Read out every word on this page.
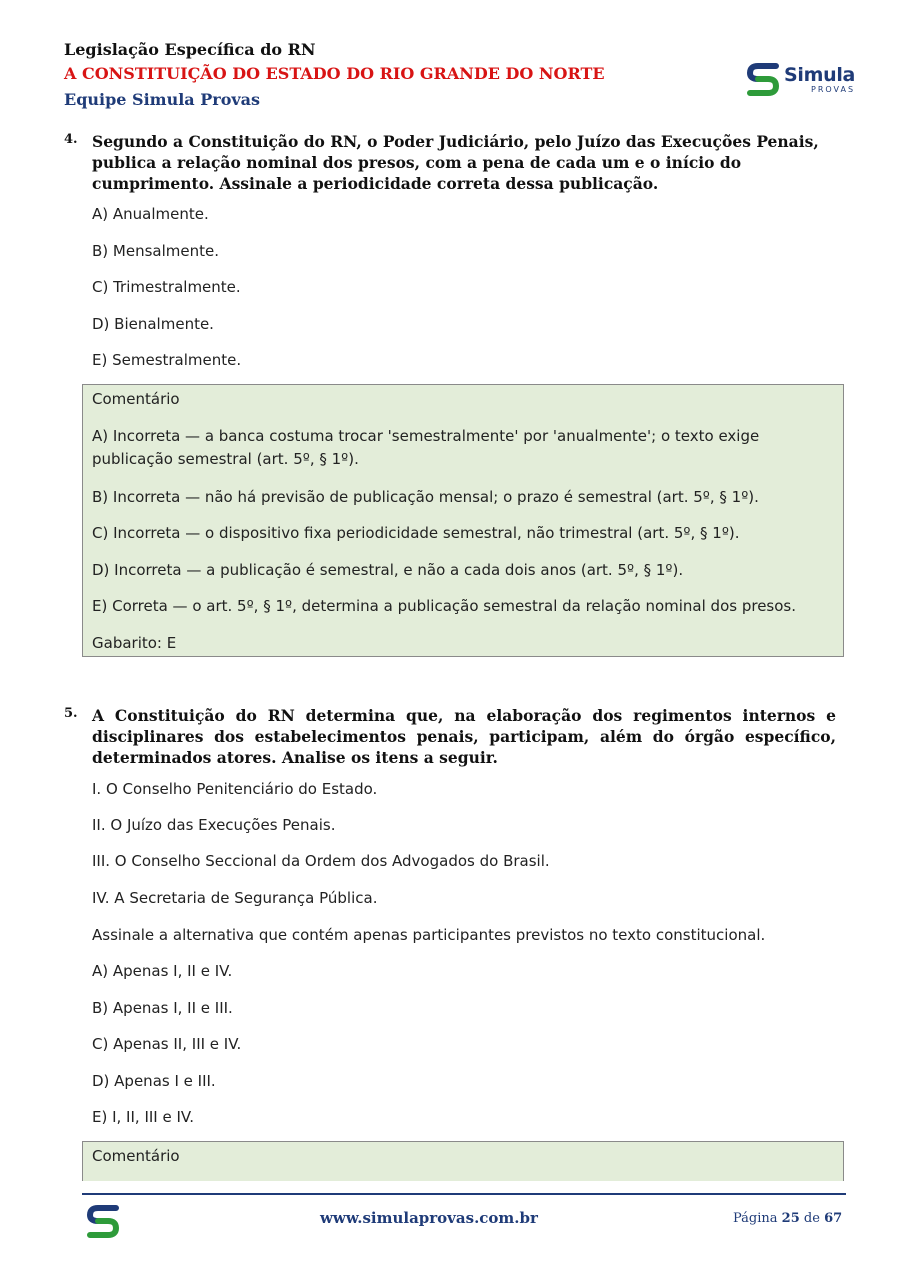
Legislação Específica do RN
A CONSTITUIÇÃO DO ESTADO DO RIO GRANDE DO NORTE
Equipe Simula Provas
Simula
PROVAS
4. Segundo a Constituição do RN, o Poder Judiciário, pelo Juízo das Execuções Penais, publica a relação nominal dos presos, com a pena de cada um e o início do cumprimento. Assinale a periodicidade correta dessa publicação.
A) Anualmente.
B) Mensalmente.
C) Trimestralmente.
D) Bienalmente.
E) Semestralmente.
Comentário
A) Incorreta — a banca costuma trocar 'semestralmente' por 'anualmente'; o texto exige publicação semestral (art. 5º, § 1º).
B) Incorreta — não há previsão de publicação mensal; o prazo é semestral (art. 5º, § 1º).
C) Incorreta — o dispositivo fixa periodicidade semestral, não trimestral (art. 5º, § 1º).
D) Incorreta — a publicação é semestral, e não a cada dois anos (art. 5º, § 1º).
E) Correta — o art. 5º, § 1º, determina a publicação semestral da relação nominal dos presos.
Gabarito: E
5. A Constituição do RN determina que, na elaboração dos regimentos internos e disciplinares dos estabelecimentos penais, participam, além do órgão específico, determinados atores. Analise os itens a seguir.
I. O Conselho Penitenciário do Estado.
II. O Juízo das Execuções Penais.
III. O Conselho Seccional da Ordem dos Advogados do Brasil.
IV. A Secretaria de Segurança Pública.
Assinale a alternativa que contém apenas participantes previstos no texto constitucional.
A) Apenas I, II e IV.
B) Apenas I, II e III.
C) Apenas II, III e IV.
D) Apenas I e III.
E) I, II, III e IV.
Comentário
www.simulaprovas.com.br	Página 25 de 67
